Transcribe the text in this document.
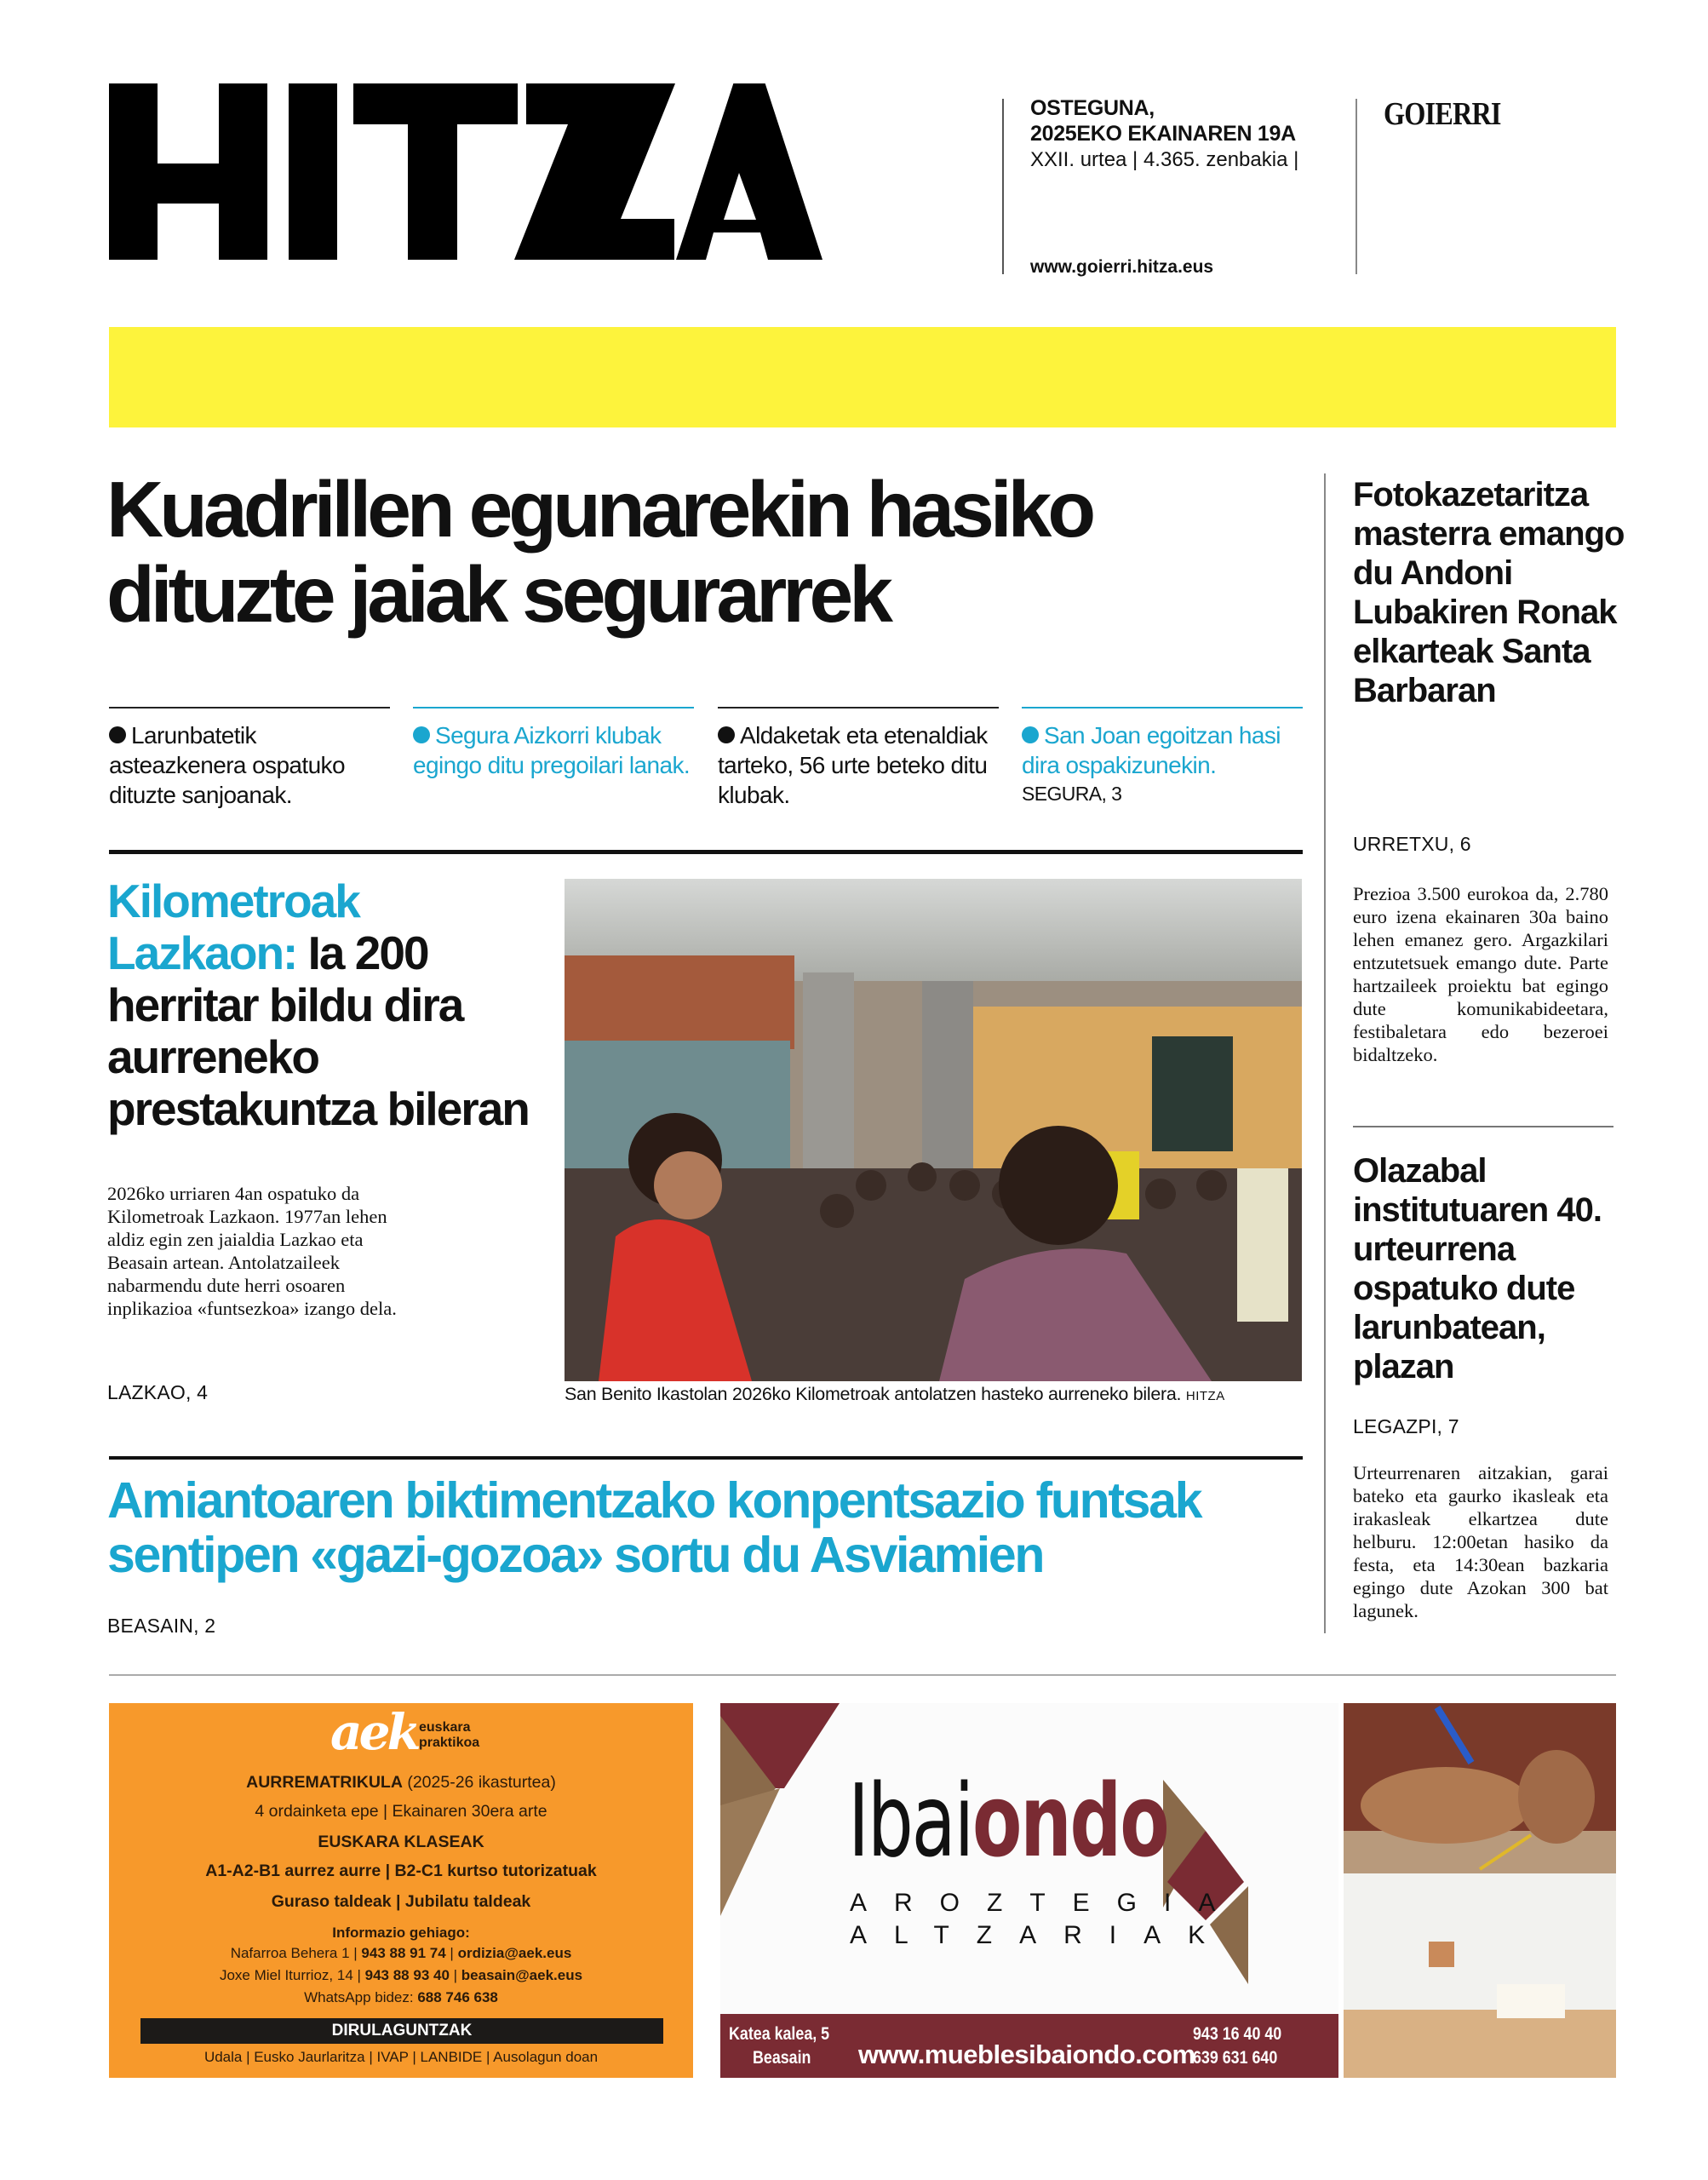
OSTEGUNA,
2025EKO EKAINAREN 19A
XXII. urtea | 4.365. zenbakia |
www.goierri.hitza.eus
GOIERRI
Kuadrillen egunarekin hasiko dituzte jaiak segurarrek
Larunbatetik asteazkenera ospatuko dituzte sanjoanak.
Segura Aizkorri klubak egingo ditu pregoilari lanak.
Aldaketak eta etenaldiak tarteko, 56 urte beteko ditu klubak.
San Joan egoitzan hasi dira ospakizunekin.
SEGURA, 3
Kilometroak Lazkaon: Ia 200 herritar bildu dira aurreneko prestakuntza bileran
2026ko urriaren 4an ospatuko da Kilometroak Lazkaon. 1977an lehen aldiz egin zen jaialdia Lazkao eta Beasain artean. Antolatzaileek nabarmendu dute herri osoaren inplikazioa «funtsezkoa» izango dela.
LAZKAO, 4	San Benito Ikastolan 2026ko Kilometroak antolatzen hasteko aurreneko bilera. HITZA
Amiantoaren biktimentzako konpentsazio funtsak sentipen «gazi-gozoa» sortu du Asviamien
BEASAIN, 2
Fotokazetaritza masterra emango du Andoni Lubakiren Ronak elkarteak Santa Barbaran
URRETXU, 6
Prezioa 3.500 eurokoa da, 2.780 euro izena ekainaren 30a baino lehen emanez gero. Argazkilari entzutetsuek emango dute. Parte hartzaileek proiektu bat egingo dute komunikabideetara, festibaletara edo bezeroei bidaltzeko.
Olazabal institutuaren 40. urteurrena ospatuko dute larunbatean, plazan
LEGAZPI, 7
Urteurrenaren aitzakian, garai bateko eta gaurko ikasleak eta irakasleak elkartzea dute helburu. 12:00etan hasiko da festa, eta 14:30ean bazkaria egingo dute Azokan 300 bat lagunek.
aek euskara
praktikoa
AURREMATRIKULA (2025-26 ikasturtea)
4 ordainketa epe | Ekainaren 30era arte
EUSKARA KLASEAK
A1-A2-B1 aurrez aurre | B2-C1 kurtso tutorizatuak
Guraso taldeak | Jubilatu taldeak
Informazio gehiago:
Nafarroa Behera 1 | 943 88 91 74 | ordizia@aek.eus
Joxe Miel Iturrioz, 14 | 943 88 93 40 | beasain@aek.eus
WhatsApp bidez: 688 746 638
DIRULAGUNTZAK
Udala | Eusko Jaurlaritza | IVAP | LANBIDE | Ausolagun doan
Ibaiondo
AROZTEGIA
ALTZARIAK
Katea kalea, 5
Beasain www.mueblesibaiondo.com
943 16 40 40
639 631 640
